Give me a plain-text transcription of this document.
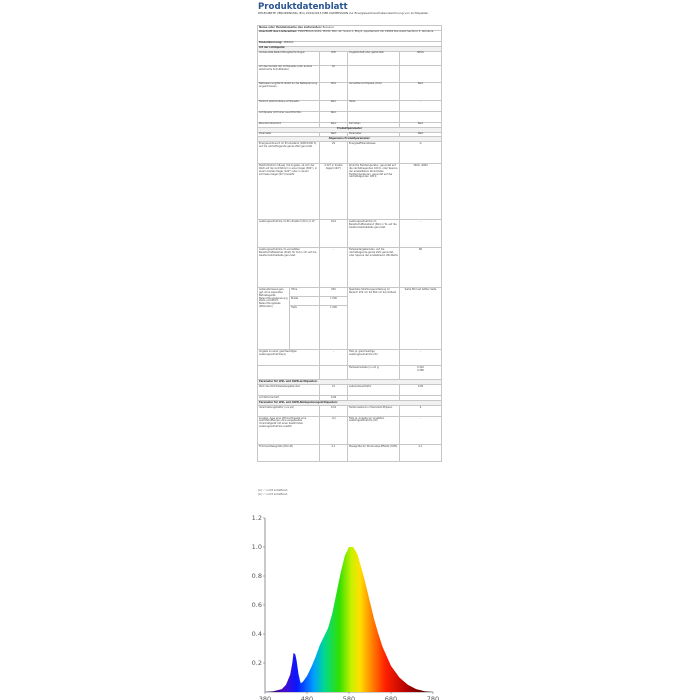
Produktdatenblatt
DELEGIERTE VERORDNUNG (EU) 2019/2015 DER KOMMISSION zur Energieverbrauchskennzeichnung von Lichtquellen
Name oder Handelsmarke des Lieferanten: Boxsinal				
Anschrift des Lieferanten: ENVIPEDIAS.SURL, Mitriti, Bloc 42, Scara 1, Etaj 6, Apartament 29, 22802 Bucuresti Sectorul 3, Romania				
Modellkennung: 1B02AC				
Art der Lichtquelle:				
Verwendete Beleuchtungstechnologie:		LED	Ungebündelt oder gebündelt:	NDLS
Art des Sockels der Lichtquelle (oder andere elektrische Schnittstelle)		AC		
Netzspannung/Nicht direkt an die Netzspannung angeschlossen:		MLS	Vernetzte Lichtquelle (CLS):	Nein
Farblich abstimmbare Lichtquelle:		Nein	Hülle:	-
Lichtquelle mit hoher Leuchtdichte:		Nein		
Blendschutzschild:		Nein	Dimmbar:	Nein
Produktparameter				
Parameter		Wert	Parameter	Wert
Allgemeine Produktparameter:				
Energieverbrauch im Ein-Zustand (kWh/1000 h), auf die nächstfolgende ganze Zahl gerundet		29	Energieeffizienzklasse	G
Nutzlichtstrom (Φuse) mit Angabe, ob sich der Wert auf den Lichtstrom in einer Kugel (360°), in einem breiten Kegel (120°) oder in einem schmalen Kegel (90°) bezieht		4 227 in breiter Kegel (120°)	ähnliche Farbtemperatur, gerundet auf die nächstliegenden 100 K, oder Spanne der einstellbaren ähnlichsten Farbtemperaturen, gerundet auf die nächstliegenden 100 K	3000...6900
Leistungsaufnahme im Ein-Zustand (Pon) in W		29,0	Leistungsaufnahme im Bereitschaftszustand (Psb) in W, auf die zweite Dezimalstelle gerundet	-
Leistungsaufnahme im vernetzten Bereitschaftsbetrieb (Pnet) für CLS in W, auf die zweite Dezimalstelle gerundet		-	Farbwiedergabeindex, auf die nächstliegende ganze Zahl gerundet, oder Spanne der einstellbaren CRI-Werte	86
Außenabmessungen, ggf. ohne separates Betriebsgerät, Beleuchtungssteuerungsteile und Nicht-Beleuchtungsteile (Millimeter)	Höhe	600	Spektrale Strahlungsverteilung im Bereich 250 nm bis 800 nm bei Volllast	Siehe Bild auf letzter Seite
	Breite	1 000		
	Tiefe	1 000		
Angabe zu einer gleichwertigen Leistungsaufnahme(a)		-	Falls ja, gleichwertige Leistungsaufnahme (W)	-
			Farbwertanteile (x und y)	0,316
0,380
Parameter für LED- und OLED-Lichtquellen:				
Wert des R9-Farbwiedergabeindex		10	Lebensdauerfaktor	0,90
Lichtstromerhalt		0,96		
Parameter für LED- und OLED-Netzspannungslichtquellen:				
Verschiebungsfaktor (cos φ1)		0,10	Farbkonsistenz in MacAdam-Ellipsen	6
Angabe, dass eine LED-Lichtquelle eine Leuchtstofflampe ohne eingebautes Vorschaltgerät mit einer bestimmten Leistungsaufnahme ersetzt		-(b)	Falls ja, Angabe zur ersetzten Leistungsaufnahme (W)	-
Flimmer-Messgröße (Pst LM)		0,1	Messgröße für Stroboskop-Effekte (SVM)	0,1
(a) '-': nicht zutreffend;
(b) '-': nicht zutreffend.
0.2
0.4
0.6
0.8
1.0
1.2
380	480	580	680	780
